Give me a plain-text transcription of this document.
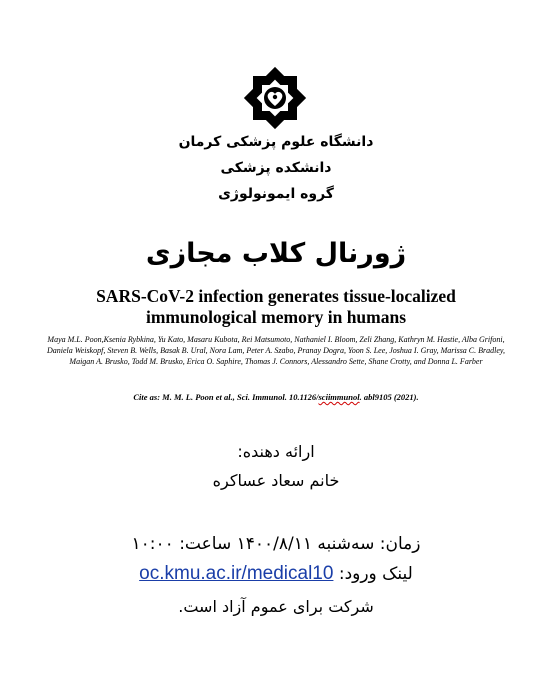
دانشگاه علوم پزشکی کرمان
دانشکده پزشکی
گروه ایمونولوژی
ژورنال کلاب مجازی
SARS-CoV-2 infection generates tissue-localized
immunological memory in humans
Maya M.L. Poon,Ksenia Rybkina, Yu Kato, Masaru Kubota, Rei Matsumoto, Nathaniel I. Bloom, Zeli Zhang, Kathryn M. Hastie, Alba Grifoni, Daniela Weiskopf, Steven B. Wells, Basak B. Ural, Nora Lam, Peter A. Szabo, Pranay Dogra, Yoon S. Lee, Joshua I. Gray, Marissa C. Bradley, Maigan A. Brusko, Todd M. Brusko, Erica O. Saphire, Thomas J. Connors, Alessandro Sette, Shane Crotty, and Donna L. Farber
Cite as: M. M. L. Poon et al., Sci. Immunol. 10.1126/sciimmunol. abl9105 (2021).
ارائه دهنده:
خانم سعاد عساکره
زمان: سه‌شنبه ۱۴۰۰/۸/۱۱ ساعت: ۱۰:۰۰
لینک ورود: oc.kmu.ac.ir/medical10
شرکت برای عموم آزاد است.
